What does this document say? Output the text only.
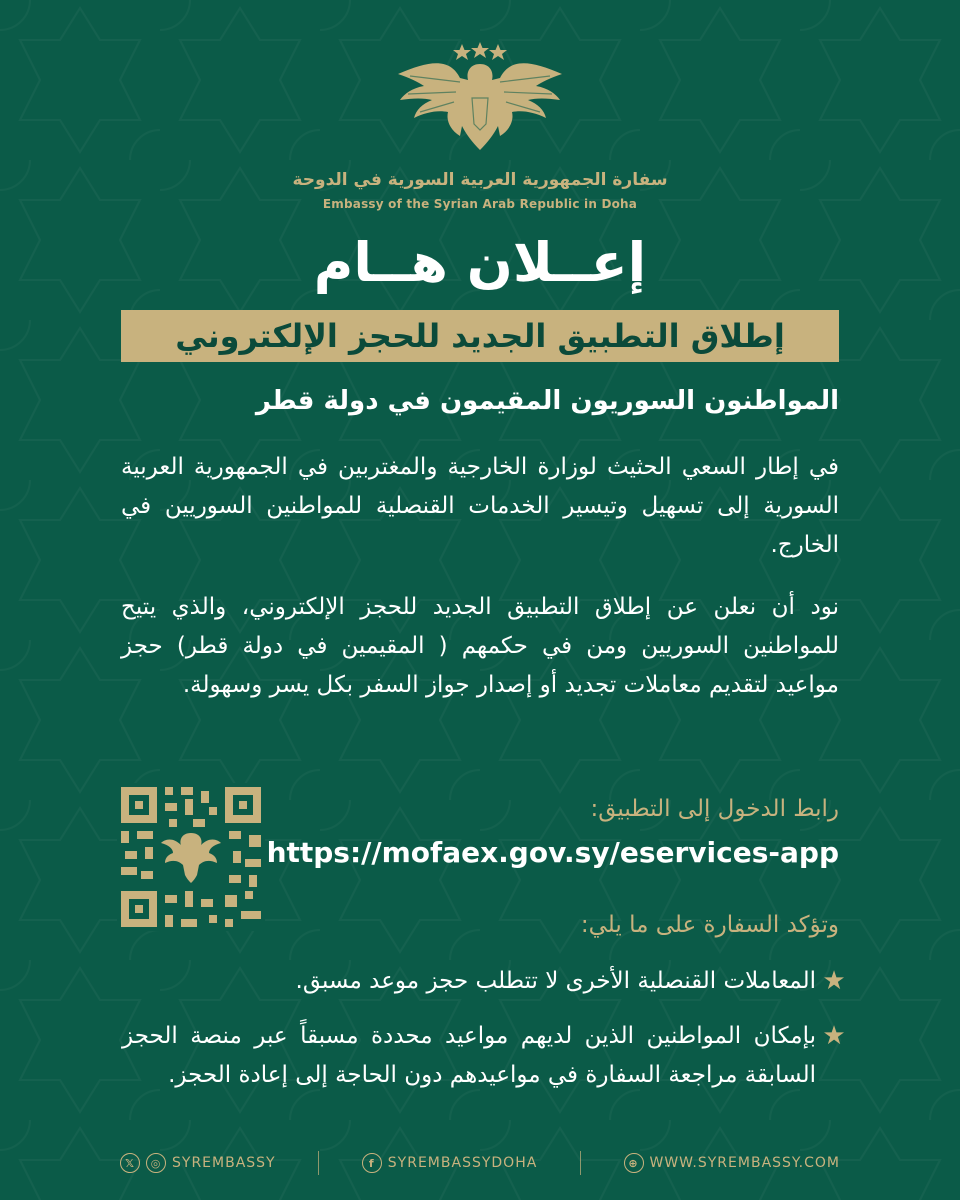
سفارة الجمهورية العربية السورية في الدوحة
Embassy of the Syrian Arab Republic in Doha
إعــلان هــام
إطلاق التطبيق الجديد للحجز الإلكتروني
المواطنون السوريون المقيمون في دولة قطر
في إطار السعي الحثيث لوزارة الخارجية والمغتربين في الجمهورية العربية السورية إلى تسهيل وتيسير الخدمات القنصلية للمواطنين السوريين في الخارج.
نود أن نعلن عن إطلاق التطبيق الجديد للحجز الإلكتروني، والذي يتيح للمواطنين السوريين ومن في حكمهم ( المقيمين في دولة قطر) حجز مواعيد لتقديم معاملات تجديد أو إصدار جواز السفر بكل يسر وسهولة.
رابط الدخول إلى التطبيق:
https://mofaex.gov.sy/eservices-app
وتؤكد السفارة على ما يلي:
★
المعاملات القنصلية الأخرى لا تتطلب حجز موعد مسبق.
★
بإمكان المواطنين الذين لديهم مواعيد محددة مسبقاً عبر منصة الحجز السابقة مراجعة السفارة في مواعيدهم دون الحاجة إلى إعادة الحجز.
𝕏	◎ SYREMBASSY	f SYREMBASSYDOHA	⊕ WWW.SYREMBASSY.COM
